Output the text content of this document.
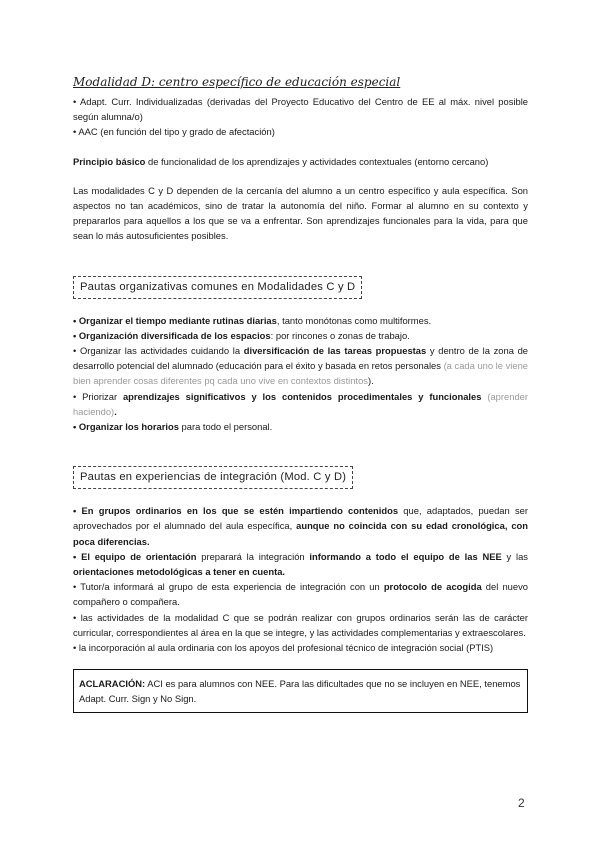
Modalidad D: centro específico de educación especial

• Adapt. Curr. Individualizadas (derivadas del Proyecto Educativo del Centro de EE al máx. nivel posible según alumna/o)

• AAC (en función del tipo y grado de afectación)

Principio básico de funcionalidad de los aprendizajes y actividades contextuales (entorno cercano)

Las modalidades C y D dependen de la cercanía del alumno a un centro específico y aula específica. Son aspectos no tan académicos, sino de tratar la autonomía del niño. Formar al alumno en su contexto y prepararlos para aquellos a los que se va a enfrentar. Son aprendizajes funcionales para la vida, para que sean lo más autosuficientes posibles.

Pautas organizativas comunes en Modalidades C y D

• Organizar el tiempo mediante rutinas diarias, tanto monótonas como multiformes.

• Organización diversificada de los espacios: por rincones o zonas de trabajo.

• Organizar las actividades cuidando la diversificación de las tareas propuestas y dentro de la zona de desarrollo potencial del alumnado (educación para el éxito y basada en retos personales (a cada uno le viene bien aprender cosas diferentes pq cada uno vive en contextos distintos).

• Priorizar aprendizajes significativos y los contenidos procedimentales y funcionales (aprender haciendo).

• Organizar los horarios para todo el personal.

Pautas en experiencias de integración (Mod. C y D)

• En grupos ordinarios en los que se estén impartiendo contenidos que, adaptados, puedan ser aprovechados por el alumnado del aula específica, aunque no coincida con su edad cronológica, con poca diferencias.

• El equipo de orientación preparará la integración informando a todo el equipo de las NEE y las orientaciones metodológicas a tener en cuenta.

• Tutor/a informará al grupo de esta experiencia de integración con un protocolo de acogida del nuevo compañero o compañera.

• las actividades de la modalidad C que se podrán realizar con grupos ordinarios serán las de carácter curricular, correspondientes al área en la que se integre, y las actividades complementarias y extraescolares.

• la incorporación al aula ordinaria con los apoyos del profesional técnico de integración social (PTIS)

ACLARACIÓN: ACI es para alumnos con NEE. Para las dificultades que no se incluyen en NEE, tenemos Adapt. Curr. Sign y No Sign.
2
